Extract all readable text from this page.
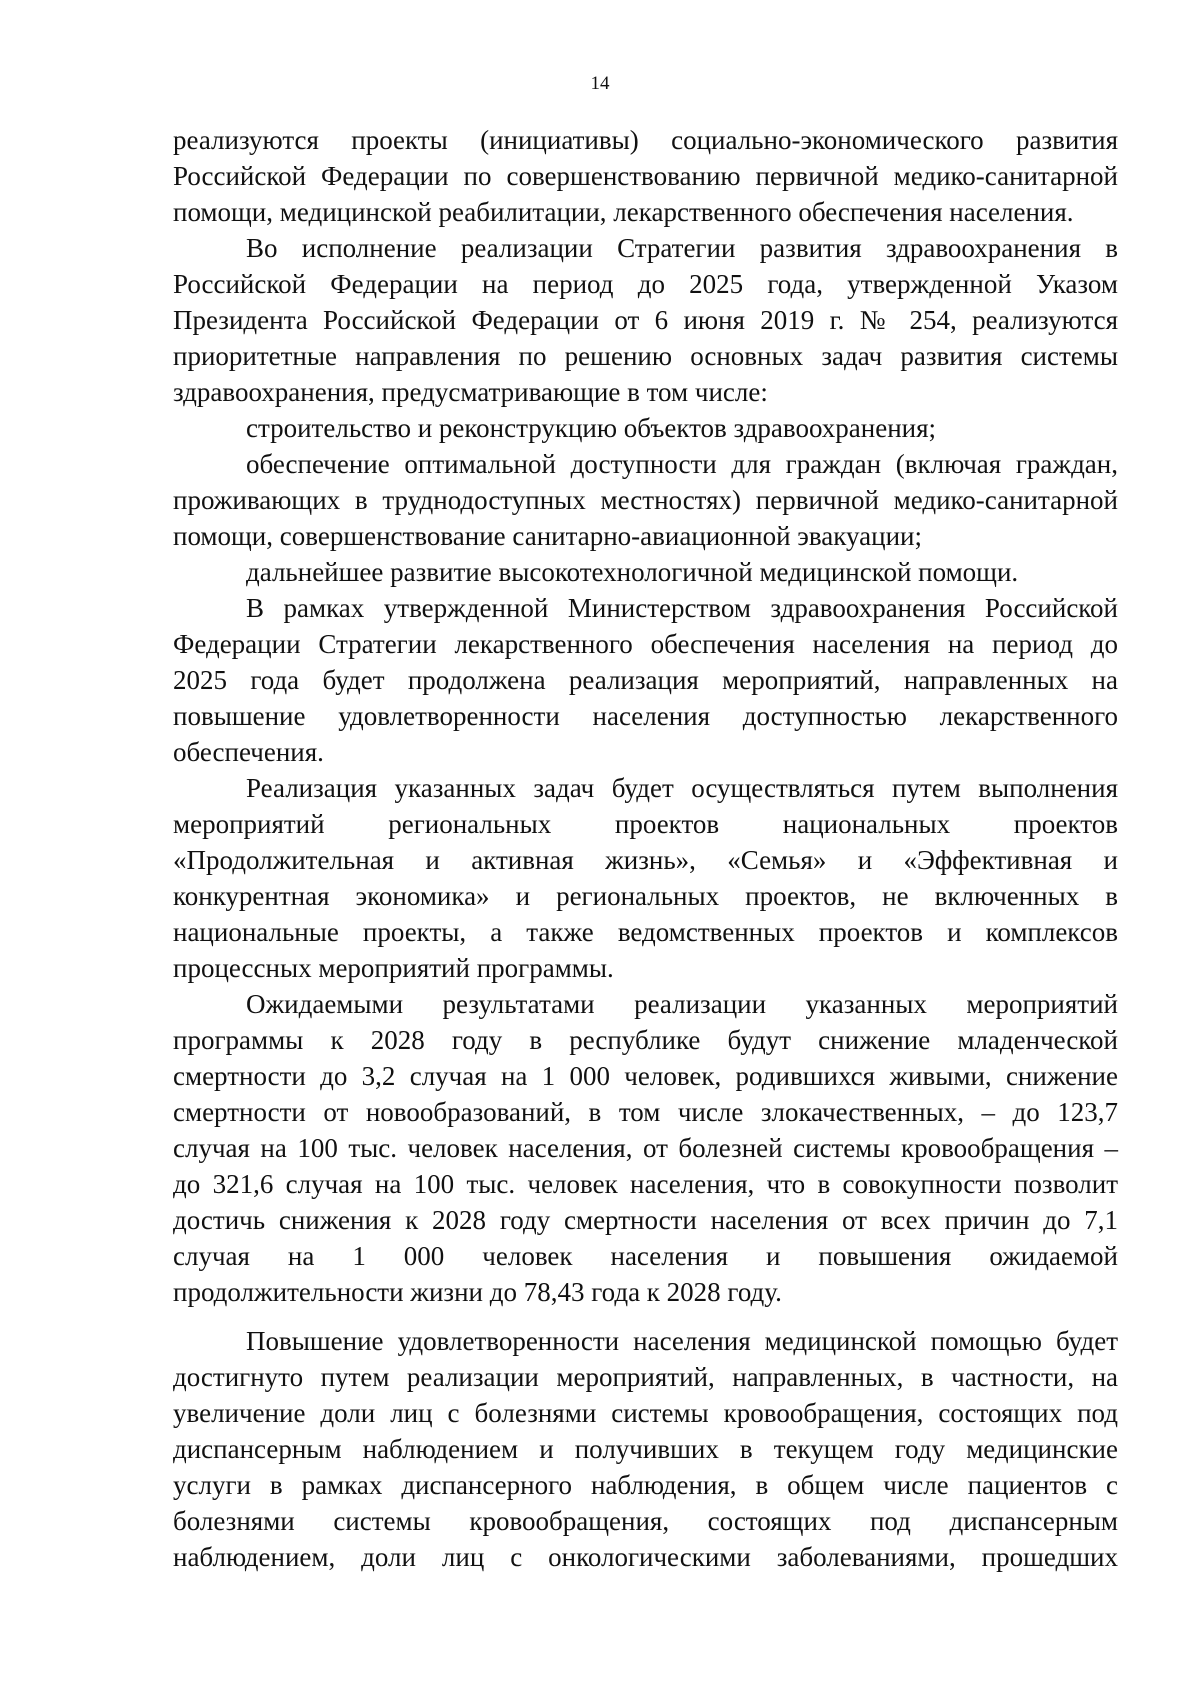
14
реализуются проекты (инициативы) социально-экономического развития
Российской Федерации по совершенствованию первичной медико-санитарной
помощи, медицинской реабилитации, лекарственного обеспечения населения.
Во исполнение реализации Стратегии развития здравоохранения в
Российской Федерации на период до 2025 года, утвержденной Указом
Президента Российской Федерации от 6 июня 2019 г. № 254, реализуются
приоритетные направления по решению основных задач развития системы
здравоохранения, предусматривающие в том числе:
строительство и реконструкцию объектов здравоохранения;
обеспечение оптимальной доступности для граждан (включая граждан,
проживающих в труднодоступных местностях) первичной медико-санитарной
помощи, совершенствование санитарно-авиационной эвакуации;
дальнейшее развитие высокотехнологичной медицинской помощи.
В рамках утвержденной Министерством здравоохранения Российской
Федерации Стратегии лекарственного обеспечения населения на период до
2025 года будет продолжена реализация мероприятий, направленных на
повышение удовлетворенности населения доступностью лекарственного
обеспечения.
Реализация указанных задач будет осуществляться путем выполнения
мероприятий региональных проектов национальных проектов
«Продолжительная и активная жизнь», «Семья» и «Эффективная и
конкурентная экономика» и региональных проектов, не включенных в
национальные проекты, а также ведомственных проектов и комплексов
процессных мероприятий программы.
Ожидаемыми результатами реализации указанных мероприятий
программы к 2028 году в республике будут снижение младенческой
смертности до 3,2 случая на 1 000 человек, родившихся живыми, снижение
смертности от новообразований, в том числе злокачественных, – до 123,7
случая на 100 тыс. человек населения, от болезней системы кровообращения –
до 321,6 случая на 100 тыс. человек населения, что в совокупности позволит
достичь снижения к 2028 году смертности населения от всех причин до 7,1
случая на 1 000 человек населения и повышения ожидаемой
продолжительности жизни до 78,43 года к 2028 году.
Повышение удовлетворенности населения медицинской помощью будет
достигнуто путем реализации мероприятий, направленных, в частности, на
увеличение доли лиц с болезнями системы кровообращения, состоящих под
диспансерным наблюдением и получивших в текущем году медицинские
услуги в рамках диспансерного наблюдения, в общем числе пациентов с
болезнями системы кровообращения, состоящих под диспансерным
наблюдением, доли лиц с онкологическими заболеваниями, прошедших
